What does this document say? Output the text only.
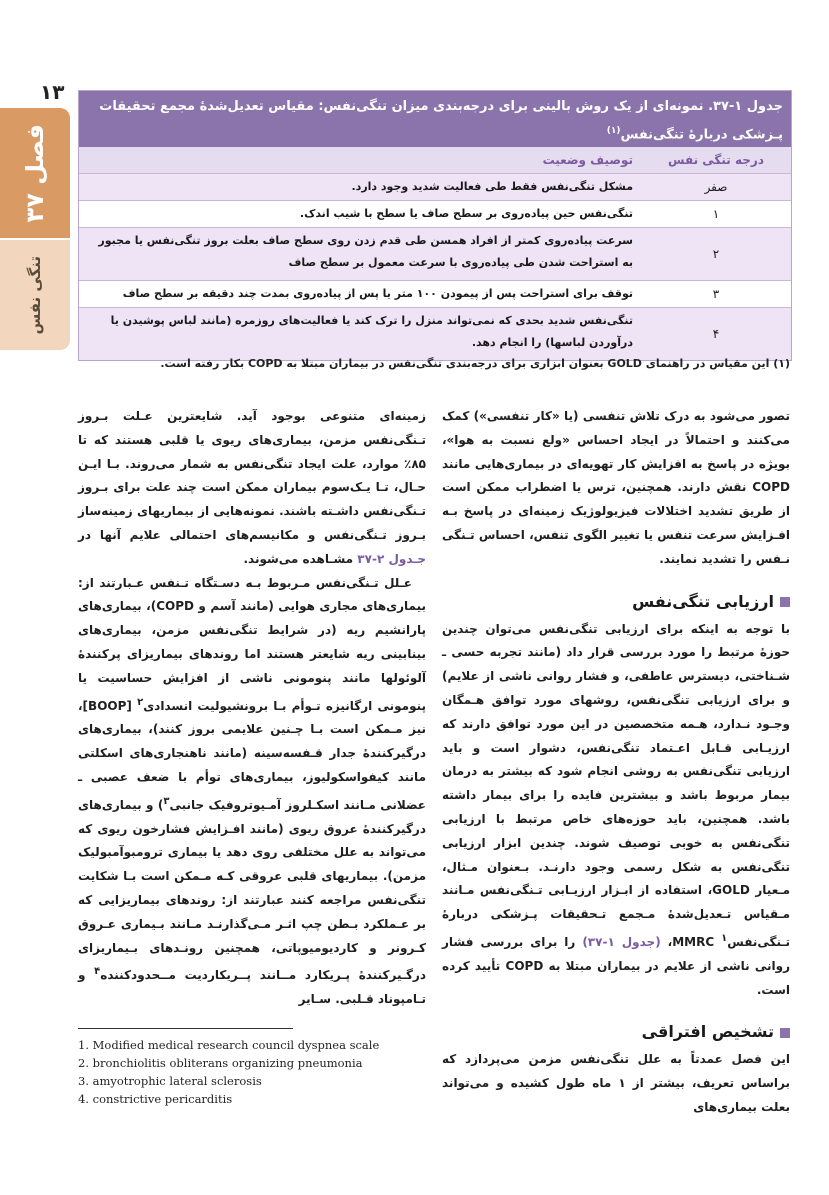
۱۳
فصل ۳۷
تنگی نفس
جدول ۱-۳۷. نمونه‌ای از یک روش بالینی برای درجه‌بندی میزان تنگی‌نفس: مقیاس تعدیل‌شدهٔ مجمع تحقیقات پـزشکی دربارهٔ تنگی‌نفس$^{(۱)}$
درجه تنگی نفس
توصیف وضعیت
صفر
مشکل تنگی‌نفس فقط طی فعالیت شدید وجود دارد.
۱
تنگی‌نفس حین پیاده‌روی بر سطح صاف یا سطح با شیب اندک.
۲
سرعت پیاده‌روی کمتر از افراد همسن طی قدم زدن روی سطح صاف بعلت بروز تنگی‌نفس یا مجبور به استراحت شدن طی پیاده‌روی با سرعت معمول بر سطح صاف
۳
توقف برای استراحت پس از پیمودن ۱۰۰ متر یا پس از پیاده‌روی بمدت چند دقیقه بر سطح صاف
۴
تنگی‌نفس شدید بحدی که نمی‌تواند منزل را ترک کند یا فعالیت‌های روزمره (مانند لباس پوشیدن یا درآوردن لباسها) را انجام دهد.
(۱) این مقیاس در راهنمای GOLD بعنوان ابزاری برای درجه‌بندی تنگی‌نفس در بیماران مبتلا به COPD بکار رفته است.

تصور می‌شود به درک تلاش تنفسی (یا «کار تنفسی») کمک می‌کنند و احتمالاً در ایجاد احساس «ولع نسبت به هوا»، بویژه در پاسخ به افزایش کار تهویه‌ای در بیماری‌هایی مانند COPD نقش دارند. همچنین، ترس یا اضطراب ممکن است از طریق تشدید اختلالات فیزیولوژیک زمینه‌ای در پاسخ بـه افـزایش سرعت تنفس یا تغییر الگوی تنفس، احساس تـنگی نـفس را تشدید نمایند.

ارزیابی تنگی‌نفس

با توجه به اینکه برای ارزیابی تنگی‌نفس می‌توان چندین حوزهٔ مرتبط را مورد بررسی قرار داد (مانند تجربه حسی ـ شـناختی، دیسترس عاطفی، و فشار روانی ناشی از علایم) و برای ارزیابی تنگی‌نفس، روشهای مورد توافق هـمگان وجـود نـدارد، هـمه متخصصین در این مورد توافق دارند که ارزیـابی قـابل اعـتماد تنگی‌نفس، دشوار است و باید ارزیابی تنگی‌نفس به روشی انجام شود که بیشتر به درمان بیمار مربوط باشد و بیشترین فایده را برای بیمار داشته باشد. همچنین، باید حوزه‌های خاص مرتبط با ارزیابی تنگی‌نفس به خوبی توصیف شوند. چندین ابزار ارزیابی تنگی‌نفس به شکل رسمی وجود دارنـد. بـعنوان مـثال، مـعیار GOLD، استفاده از ابـزار ارزیـابی تـنگی‌نفس مـانند مـقیاس تـعدیل‌شدهٔ مـجمع تـحقیقات پـزشکی دربارهٔ تـنگی‌نفس$^۱$ MMRC، (جدول ۱-۳۷) را برای بررسی فشار روانی ناشی از علایم در بیماران مبتلا به COPD تأیید کرده است.

تشخیص افتراقی

این فصل عمدتاً به علل تنگی‌نفس مزمن می‌پردازد که براساس تعریف، بیشتر از ۱ ماه طول کشیده و می‌تواند بعلت بیماری‌های

زمینه‌ای متنوعی بوجود آید. شایعترین عـلت بـروز تـنگی‌نفس مزمن، بیماری‌های ریوی یا قلبی هستند که تا ۸۵٪ موارد، علت ایجاد تنگی‌نفس به شمار می‌روند. بـا ایـن حـال، تـا یـک‌سوم بیماران ممکن است چند علت برای بـروز تـنگی‌نفس داشـته باشند. نمونه‌هایی از بیماریهای زمینه‌ساز بـروز تـنگی‌نفس و مکانیسم‌های احتمالی علایم آنها در جـدول ۲-۳۷ مشـاهده می‌شوند.

عـلل تـنگی‌نفس مـربوط بـه دسـتگاه تـنفس عـبارتند از: بیماری‌های مجاری هوایی (مانند آسم و COPD)، بیماری‌های پارانشیم ریه (در شرایط تنگی‌نفس مزمن، بیماری‌های بینابینی ریه شایعتر هستند اما روندهای بیماریزای پرکنندهٔ آلوئولها مانند پنومونی ناشی از افزایش حساسیت یا پنومونی ارگانیزه تـوأم بـا برونشیولیت انسدادی$^۲$ [BOOP]، نیز مـمکن است بـا چـنین علایمی بروز کنند)، بیماری‌های درگیرکنندهٔ جدار قـفسه‌سینه (مانند ناهنجاری‌های اسکلتی مانند کیفواسکولیوز، بیماری‌های توأم با ضعف عصبی ـ عضلانی مـانند اسکـلروز آمـیوتروفیک جانبی$^۳$) و بیماری‌های درگیرکنندهٔ عروق ریوی (مانند افـزایش فشارخون ریوی که می‌تواند به علل مختلفی روی دهد یا بیماری ترومبوآمبولیک مزمن). بیماریهای قلبی عروقی کـه مـمکن است بـا شکایت تنگی‌نفس مراجعه کنند عبارتند از: روندهای بیماریزایی که بر عـملکرد بـطن چپ اثـر مـی‌گذارنـد مـانند بـیماری عـروق کـرونر و کاردیومیوپاتی، همچنین رونـدهای بـیماریزای درگـیرکنندهٔ پـریکارد مــانند پــریکاردیت مــحدودکننده$^۴$ و تـامپوناد قـلبی. سـایر

1. Modified medical research council dyspnea scale
2. bronchiolitis obliterans organizing pneumonia
3. amyotrophic lateral sclerosis
4. constrictive pericarditis
